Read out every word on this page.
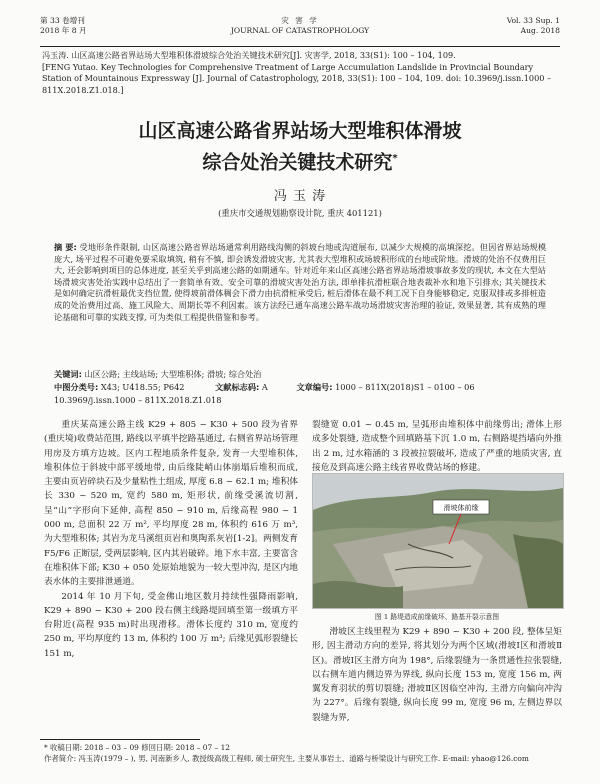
第 33 卷增刊
2018 年 8 月
灾 害 学
JOURNAL OF CATASTROPHOLOGY
Vol. 33 Sup. 1
Aug. 2018
冯玉涛. 山区高速公路省界站场大型堆积体滑坡综合处治关键技术研究[J]. 灾害学, 2018, 33(S1): 100 – 104, 109.
[FENG Yutao. Key Technologies for Comprehensive Treatment of Large Accumulation Landslide in Provincial Boundary Station of Mountainous Expressway [J]. Journal of Catastrophology, 2018, 33(S1): 100 – 104, 109. doi: 10.3969/j.issn.1000 – 811X.2018.Z1.018.]
山区高速公路省界站场大型堆积体滑坡
综合处治关键技术研究*
冯 玉 涛
(重庆市交通规划勘察设计院, 重庆 401121)
摘 要: 受地形条件限制, 山区高速公路省界站场通常利用路线沟侧的斜坡台地或沟道展布, 以减少大规模的高填深挖。但因省界站场规模庞大, 场平过程不可避免要采取填筑, 稍有不慎, 即会诱发滑坡灾害, 尤其表大型堆积或场坡积形成的台地或阶地。滑坡的处治不仅费用巨大, 还会影响到项目的总体进度, 甚至关乎到高速公路的如期通车。针对近年来山区高速公路省界站场滑坡事故多发的现状, 本文在大型站场滑坡灾害处治实践中总结出了一套简单有效、安全可靠的滑坡灾害处治方法, 即单排抗滑桩联合地表裁补水和地下引排水; 其关键技术是如何确定抗滑桩最优支挡位置, 使得坡前滑体稠会下滑力由抗滑桩承受后, 桩后滑体在最不利工况下自身能够稳定, 克服双排或多排桩造成的处治费用过高、施工风险大、周期长等不利因素。该方法经已通车高速公路车战功场滑坡灾害治理的验证, 效果显著, 其有成熟的理论基础和可靠的实践支撑, 可为类似工程提供借鉴和参考。
关键词: 山区公路; 主线站场; 大型堆积体; 滑坡; 综合处治
中图分类号: X43; U418.55; P642	文献标志码: A	文章编号: 1000 – 811X(2018)S1 – 0100 – 06
10.3969/j.issn.1000 – 811X.2018.Z1.018

重庆某高速公路主线 K29 + 805 ~ K30 + 500 段为省界(重庆境)收费站范围, 路线以平填半挖路基通过, 右侧省界站场管理用房及方填方边坡。区内工程地质条件复杂, 发育一大型堆积体, 堆积体位于斜坡中部平缓地带, 由后缘陡峭山体崩塌后堆积而成, 主要由页岩碎块石及少量粘性土组成, 厚度 6.8 ~ 62.1 m; 堆积体长 330 ~ 520 m, 宽约 580 m, 矩形状, 前缘受溪流切割, 呈“山”字形向下延伸, 高程 850 ~ 910 m, 后缘高程 980 ~ 1 000 m, 总面积 22 万 m², 平均厚度 28 m, 体积约 616 万 m³, 为大型堆积体; 其岩为龙马溪组页岩和奥陶系灰岩[1-2]。两侧发育 F5/F6 正断层, 受两层影响, 区内其岩破碎。地下水丰富, 主要富含在堆积体下部; K30 + 050 处原始地貌为一较大型冲沟, 是区内地表水体的主要排泄通道。

2014 年 10 月下旬, 受金佛山地区数月持续性强降雨影响, K29 + 890 ~ K30 + 200 段右侧主线路堤回填至第一级填方平台附近(高程 935 m)时出现滑移。滑体长度约 310 m, 宽度约 250 m, 平均厚度约 13 m, 体积约 100 万 m³; 后缘见弧形裂缝长 151 m,

裂缝宽 0.01 ~ 0.45 m, 呈弧形由堆积体中前缘剪出; 滑体上形成多处裂缝, 造成整个回填路基下沉 1.0 m, 右侧路堤挡墙向外推出 2 m, 过水箱涵的 3 段被拉裂破坏, 造成了严重的地质灾害, 直接危及到高速公路主线省界收费站场的修建。

滑坡体前缘
图 1 路堤造成前缘破坏、路基开裂示意图

滑坡区主线里程为 K29 + 890 ~ K30 + 200 段, 整体呈矩形, 因主滑动方向的差异, 将其划分为两个区域(滑坡Ⅰ区和滑坡Ⅱ区)。滑坡Ⅰ区主滑方向为 198°, 后缘裂缝为一条贯通性拉张裂缝, 以右侧车道内侧边界为界线, 纵向长度 153 m, 宽度 156 m, 两翼发育羽状的剪切裂缝; 滑坡Ⅱ区因临空冲沟, 主滑方向偏向冲沟为 227°。后缘有裂缝, 纵向长度 99 m, 宽度 96 m, 左侧边界以裂缝为界,

* 收稿日期: 2018 – 03 – 09 修回日期: 2018 – 07 – 12
作者简介: 冯玉涛(1979 – ), 男, 河南新乡人, 教授级高级工程师, 硕士研究生, 主要从事岩土、道路与桥梁设计与研究工作. E-mail: yhao@126.com
